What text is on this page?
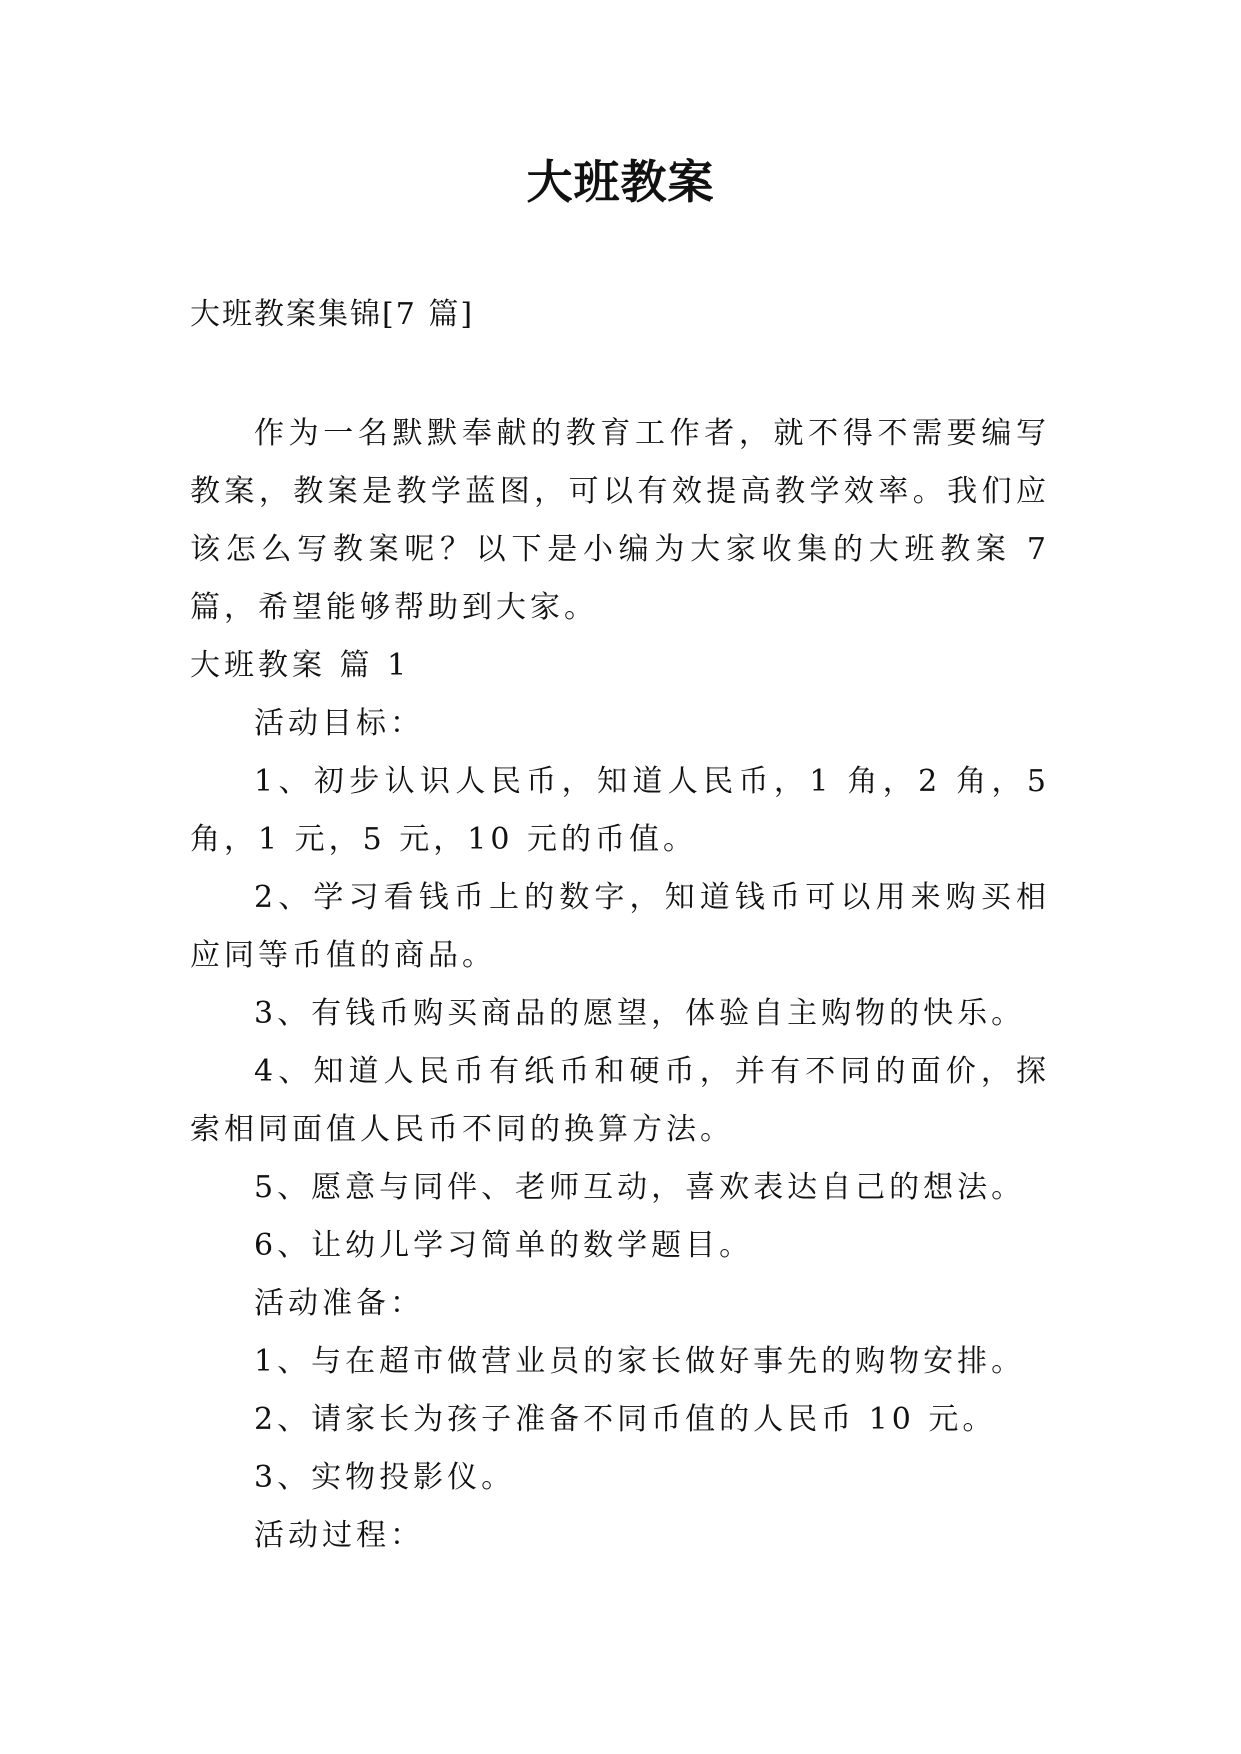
大班教案
大班教案集锦[7 篇]

作为一名默默奉献的教育工作者，就不得不需要编写教案，教案是教学蓝图，可以有效提高教学效率。我们应该怎么写教案呢？以下是小编为大家收集的大班教案 7 篇，希望能够帮助到大家。

大班教案 篇 1

活动目标：

1、初步认识人民币，知道人民币，1 角，2 角，5 角，1 元，5 元，10 元的币值。

2、学习看钱币上的数字，知道钱币可以用来购买相应同等币值的商品。

3、有钱币购买商品的愿望，体验自主购物的快乐。

4、知道人民币有纸币和硬币，并有不同的面价，探索相同面值人民币不同的换算方法。

5、愿意与同伴、老师互动，喜欢表达自己的想法。

6、让幼儿学习简单的数学题目。

活动准备：

1、与在超市做营业员的家长做好事先的购物安排。

2、请家长为孩子准备不同币值的人民币 10 元。

3、实物投影仪。

活动过程：
